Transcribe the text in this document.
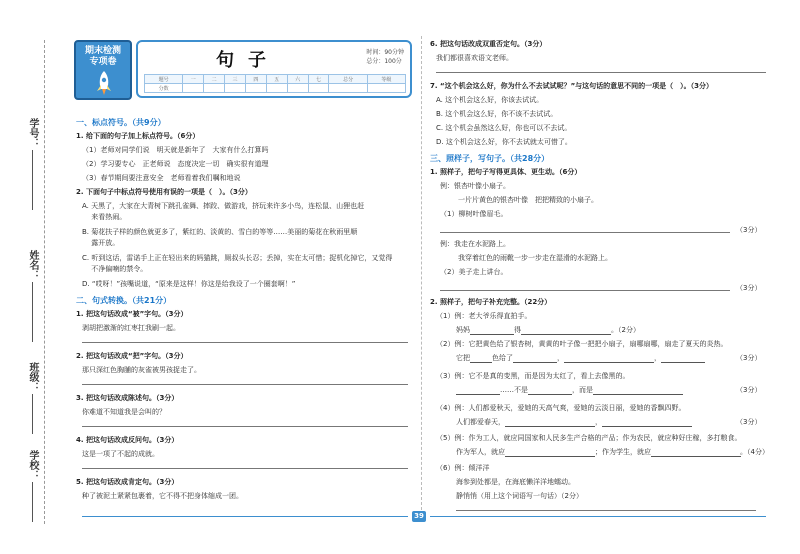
学号：
姓名：
班级：
学校：
期末检测
专项卷	句子	时间：90分钟
总分：100分
题号	一	二	三	四	五	六	七	总分	等级
分数									
一、标点符号。（共9分）
1. 给下面的句子加上标点符号。（6分）
（1）老师对同学们说　明天就是新年了　大家有什么打算吗
（2）学习要专心　正老师说　态度决定一切　确实很有道理
（3）春节期间要注意安全　老师看着我们嘱和地说
2. 下面句子中标点符号使用有误的一项是（　）。（3分）
A. 天黑了，大家在大青树下跳孔雀舞、摔跤、做游戏，挤玩来许多小鸟，连松鼠、山狸也赶
　 来看热闹。
B. 菊花扶子样的颜色就更多了，紫红的、淡黄的、雪白的等等……美丽的菊花在秋雨里顺
　 露开放。
C. 听到这话，雷诺手上正在轻出来的妈猫跳，厕叔头长忍；丢掉，实在太可惜；捉机化掉它，又觉得
　 不净偏喃的禁令。
D. “哎呀！”孩嘴说道，“原来是这样！你这是给我设了一个圈套啊！”
二、句式转换。（共21分）
1. 把这句话改成“被”字句。（3分）
剥胡把激渐的红枣扛我刷一起。
2. 把这句话改成“把”字句。（3分）
那只深红色胸脯的灰雀被男孩捉走了。
3. 把这句话改成陈述句。（3分）
你难道不知道我是会叫的？
4. 把这句话改成反问句。（3分）
这是一项了不起的成就。
5. 把这句话改成肯定句。（3分）
种了被泥土紧紧包裹着，它不得不把身体缩成一团。
39
6. 把这句话改成双重否定句。（3分）
我们都很喜欢语文老师。
7. “这个机会这么好，你为什么不去试试呢？”与这句话的意思不同的一项是（　）。（3分）
A. 这个机会这么好，你该去试试。
B. 这个机会这么好，你不该不去试试。
C. 这个机会虽然这么好，你也可以不去试。
D. 这个机会这么好，你不去试就太可惜了。
三、照样子，写句子。（共28分）
1. 照样子，把句子写得更具体、更生动。（6分）
例：银杏叶像小扇子。
一片片黄色的银杏叶像　把把精致的小扇子。
（1）柳树叶像眉毛。
（3分）
例：我走在水泥路上。
我穿着红色的雨靴一步一步走在湿滑的水泥路上。
（2）美子走上讲台。
（3分）
2. 照样子，把句子补充完整。（22分）
（1）例：老大爷乐得直拍手。
妈妈	得	。（2分）
（2）例：它把黄色给了银杏树，黄黄的叶子像一把把小扇子，扇哪扇哪，扇走了夏天的炎热。
它把	色给了	，	，	（3分）
（3）例：它不是真的变黑，而是因为太红了，看上去像黑的。
……不是	，而是	（3分）
（4）例：人们都爱秋天，爱她的天高气爽，爱她的云淡日丽，爱她的香飘四野。
人们都爱春天，	，	（3分）
（5）例：作为工人，就应同国家和人民多生产合格的产品；作为农民，就应种好庄稼，多打粮食。
作为军人，就应	；作为学生，就应	。（4分）
（6）例：倾洋洋
海参到处都是，在海底懒洋洋地蠕动。
静悄悄（用上这个词语写一句话）（2分）
